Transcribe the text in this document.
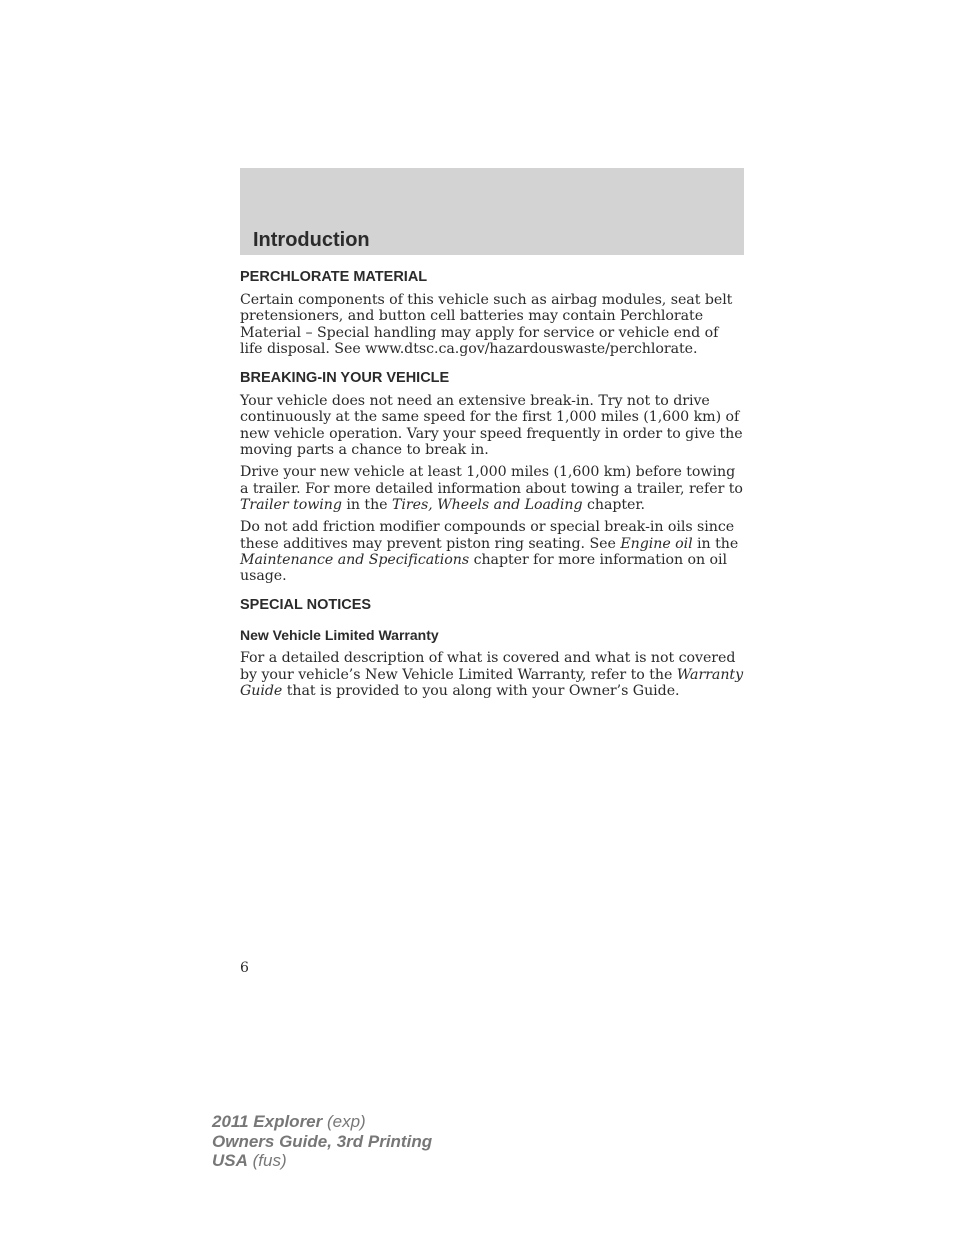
Introduction
PERCHLORATE MATERIAL

Certain components of this vehicle such as airbag modules, seat belt pretensioners, and button cell batteries may contain Perchlorate Material – Special handling may apply for service or vehicle end of life disposal. See www.dtsc.ca.gov/hazardouswaste/perchlorate.

BREAKING-IN YOUR VEHICLE

Your vehicle does not need an extensive break-in. Try not to drive continuously at the same speed for the first 1,000 miles (1,600 km) of new vehicle operation. Vary your speed frequently in order to give the moving parts a chance to break in.

Drive your new vehicle at least 1,000 miles (1,600 km) before towing a trailer. For more detailed information about towing a trailer, refer to Trailer towing in the Tires, Wheels and Loading chapter.

Do not add friction modifier compounds or special break-in oils since these additives may prevent piston ring seating. See Engine oil in the Maintenance and Specifications chapter for more information on oil usage.

SPECIAL NOTICES
New Vehicle Limited Warranty

For a detailed description of what is covered and what is not covered by your vehicle’s New Vehicle Limited Warranty, refer to the Warranty Guide that is provided to you along with your Owner’s Guide.

6
2011 Explorer (exp)
Owners Guide, 3rd Printing
USA (fus)
